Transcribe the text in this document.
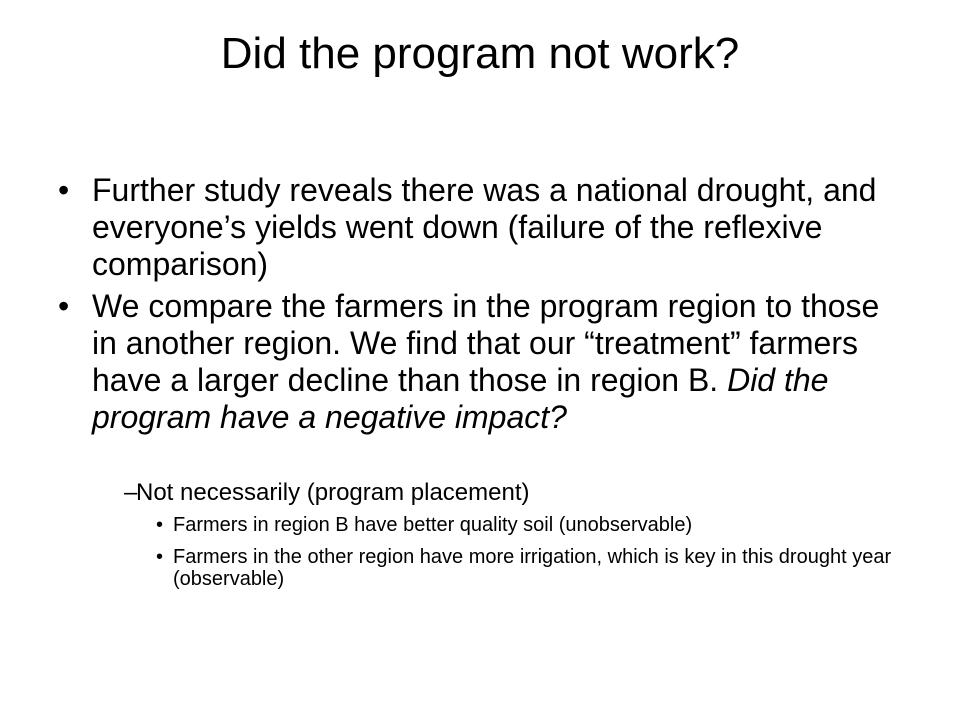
Did the program not work?
• Further study reveals there was a national drought, and everyone’s yields went down (failure of the reflexive comparison)
• We compare the farmers in the program region to those in another region. We find that our “treatment” farmers have a larger decline than those in region B. Did the program have a negative impact?
–
Not necessarily (program placement)
• Farmers in region B have better quality soil (unobservable)
• Farmers in the other region have more irrigation, which is key in this drought year (observable)
